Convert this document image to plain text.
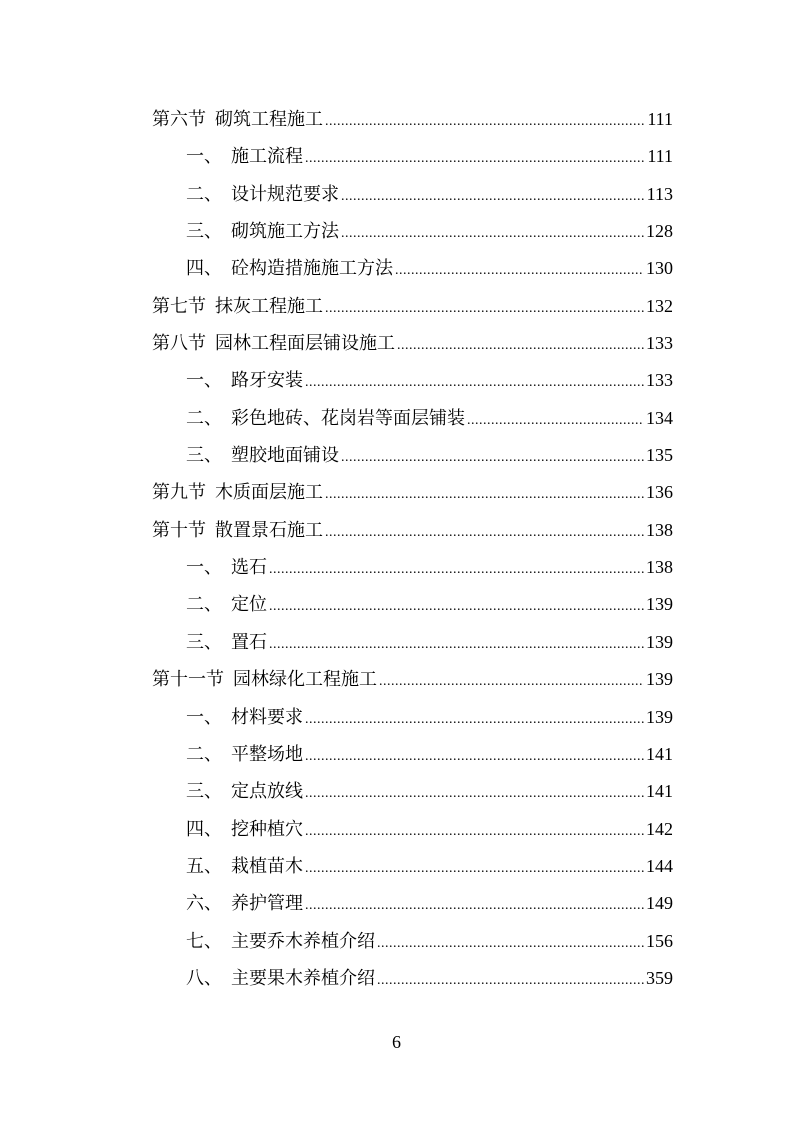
第六节 砌筑工程施工 .....	111
一、 施工流程 .....	111
二、 设计规范要求 .....	113
三、 砌筑施工方法 .....	128
四、 砼构造措施施工方法 .....	130
第七节 抹灰工程施工 .....	132
第八节 园林工程面层铺设施工 .....	133
一、 路牙安装 .....	133
二、 彩色地砖、花岗岩等面层铺装 .....	134
三、 塑胶地面铺设 .....	135
第九节 木质面层施工 .....	136
第十节 散置景石施工 .....	138
一、 选石 .....	138
二、 定位 .....	139
三、 置石 .....	139
第十一节 园林绿化工程施工 .....	139
一、 材料要求 .....	139
二、 平整场地 .....	141
三、 定点放线 .....	141
四、 挖种植穴 .....	142
五、 栽植苗木 .....	144
六、 养护管理 .....	149
七、 主要乔木养植介绍 .....	156
八、 主要果木养植介绍 .....	359
6
